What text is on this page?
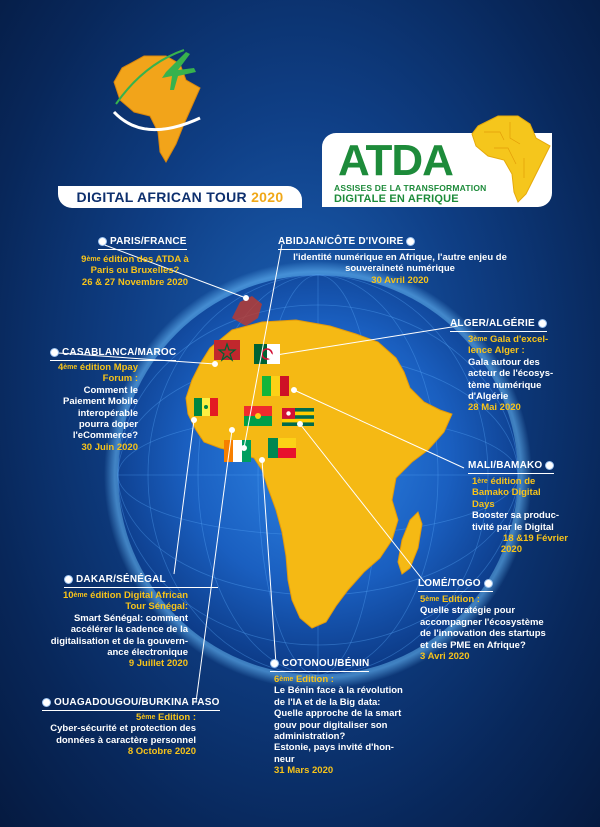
DIGITAL AFRICAN TOUR 2020
ATDA
ASSISES DE LA TRANSFORMATION
DIGITALE EN AFRIQUE
PARIS/FRANCE
9ème édition des ATDA à
Paris ou Bruxelles?
26 & 27 Novembre 2020
ABIDJAN/CÔTE D'IVOIRE
l'identité numérique en Afrique, l'autre enjeu de
souveraineté numérique
30 Avril 2020
ALGER/ALGÉRIE
3ème Gala d'excel-
lence Alger :
Gala autour des
acteur de l'écosys-
tème numérique
d'Algérie
28 Mai 2020
CASABLANCA/MAROC
4ème édition Mpay
Forum :
Comment le
Paiement Mobile
interopérable
pourra doper
l'eCommerce?
30 Juin 2020
MALI/BAMAKO
1ère édition de
Bamako Digital
Days
Booster sa produc-
tivité par le Digital
18 &19 Février
2020
DAKAR/SÉNÉGAL
10ème édition Digital African
Tour Sénégal:
Smart Sénégal: comment
accélérer la cadence de la
digitalisation et de la gouvern-
ance électronique
9 Juillet 2020
LOMÉ/TOGO
5ème Edition :
Quelle stratégie pour
accompagner l'écosystème
de l'innovation des startups
et des PME en Afrique?
3 Avri 2020
COTONOU/BÉNIN
6ème Edition :
Le Bénin face à la révolution
de l'IA et de la Big data:
Quelle approche de la smart
gouv pour digitaliser son
administration?
Estonie, pays invité d'hon-
neur
31 Mars 2020
OUAGADOUGOU/BURKINA FASO
5ème Edition :
Cyber-sécurité et protection des
données à caractère personnel
8 Octobre 2020
